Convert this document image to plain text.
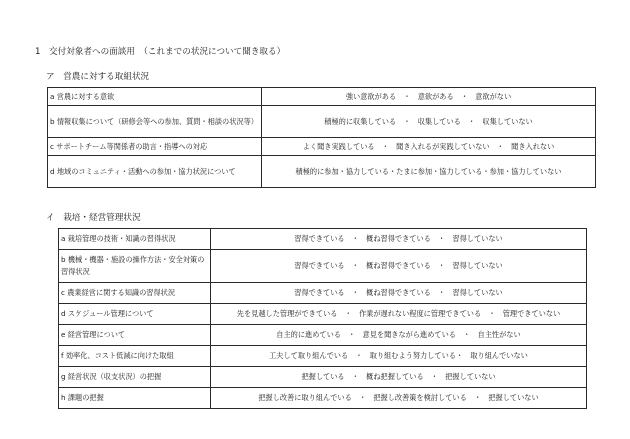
1　交付対象者への面談用　（これまでの状況について聞き取る）
ア　営農に対する取組状況
a 営農に対する意欲	強い意欲がある　・　意欲がある　・　意欲がない
b 情報収集について（研修会等への参加、質問・相談の状況等）	積極的に収集している　・　収集している　・　収集していない
c サポートチーム等関係者の助言・指導への対応	よく聞き実践している　・　聞き入れるが実践していない　・　聞き入れない
d 地域のコミュニティ・活動への参加・協力状況について	積極的に参加・協力している・たまに参加・協力している・参加・協力していない
イ　栽培・経営管理状況
a 栽培管理の技術・知識の習得状況	習得できている　・　概ね習得できている　・　習得していない
b 機械・機器・施設の操作方法・安全対策の習得状況	習得できている　・　概ね習得できている　・　習得していない
c 農業経営に関する知識の習得状況	習得できている　・　概ね習得できている　・　習得していない
d スケジュール管理について	先を見越した管理ができている　・　作業が遅れない程度に管理できている　・　管理できていない
e 経営管理について	自主的に進めている　・　意見を聞きながら進めている　・　自主性がない
f 効率化、コスト低減に向けた取組	工夫して取り組んでいる　・　取り組むよう努力している・　取り組んでいない
g 経営状況（収支状況）の把握	把握している　・　概ね把握している　・　把握していない
h 課題の把握	把握し改善に取り組んでいる　・　把握し改善策を検討している　・　把握していない
